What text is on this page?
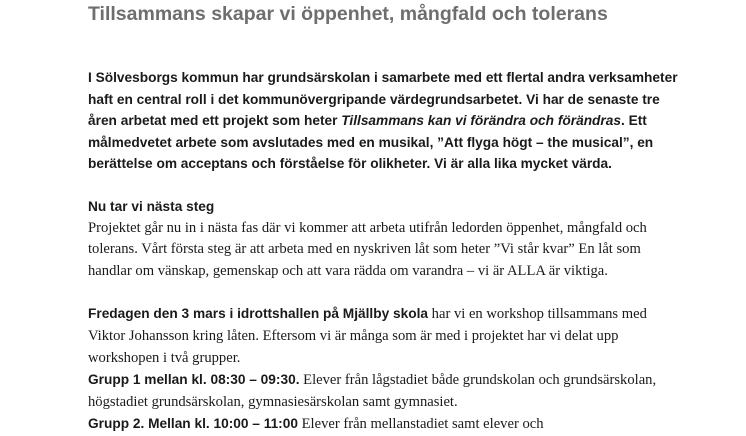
Tillsammans skapar vi öppenhet, mångfald och tolerans

I Sölvesborgs kommun har grundsärskolan i samarbete med ett flertal andra verksamheter haft en central roll i det kommunövergripande värdegrundsarbetet. Vi har de senaste tre åren arbetat med ett projekt som heter Tillsammans kan vi förändra och förändras. Ett målmedvetet arbete som avslutades med en musikal, ”Att flyga högt – the musical”, en berättelse om acceptans och förståelse för olikheter. Vi är alla lika mycket värda.

Nu tar vi nästa steg

Projektet går nu in i nästa fas där vi kommer att arbeta utifrån ledorden öppenhet, mångfald och tolerans. Vårt första steg är att arbeta med en nyskriven låt som heter ”Vi står kvar” En låt som handlar om vänskap, gemenskap och att vara rädda om varandra – vi är ALLA är viktiga.

Fredagen den 3 mars i idrottshallen på Mjällby skola har vi en workshop tillsammans med Viktor Johansson kring låten. Eftersom vi är många som är med i projektet har vi delat upp workshopen i två grupper.

Grupp 1 mellan kl. 08:30 – 09:30. Elever från lågstadiet både grundskolan och grundsärskolan, högstadiet grundsärskolan, gymnasiesärskolan samt gymnasiet.

Grupp 2. Mellan kl. 10:00 – 11:00 Elever från mellanstadiet samt elever och
